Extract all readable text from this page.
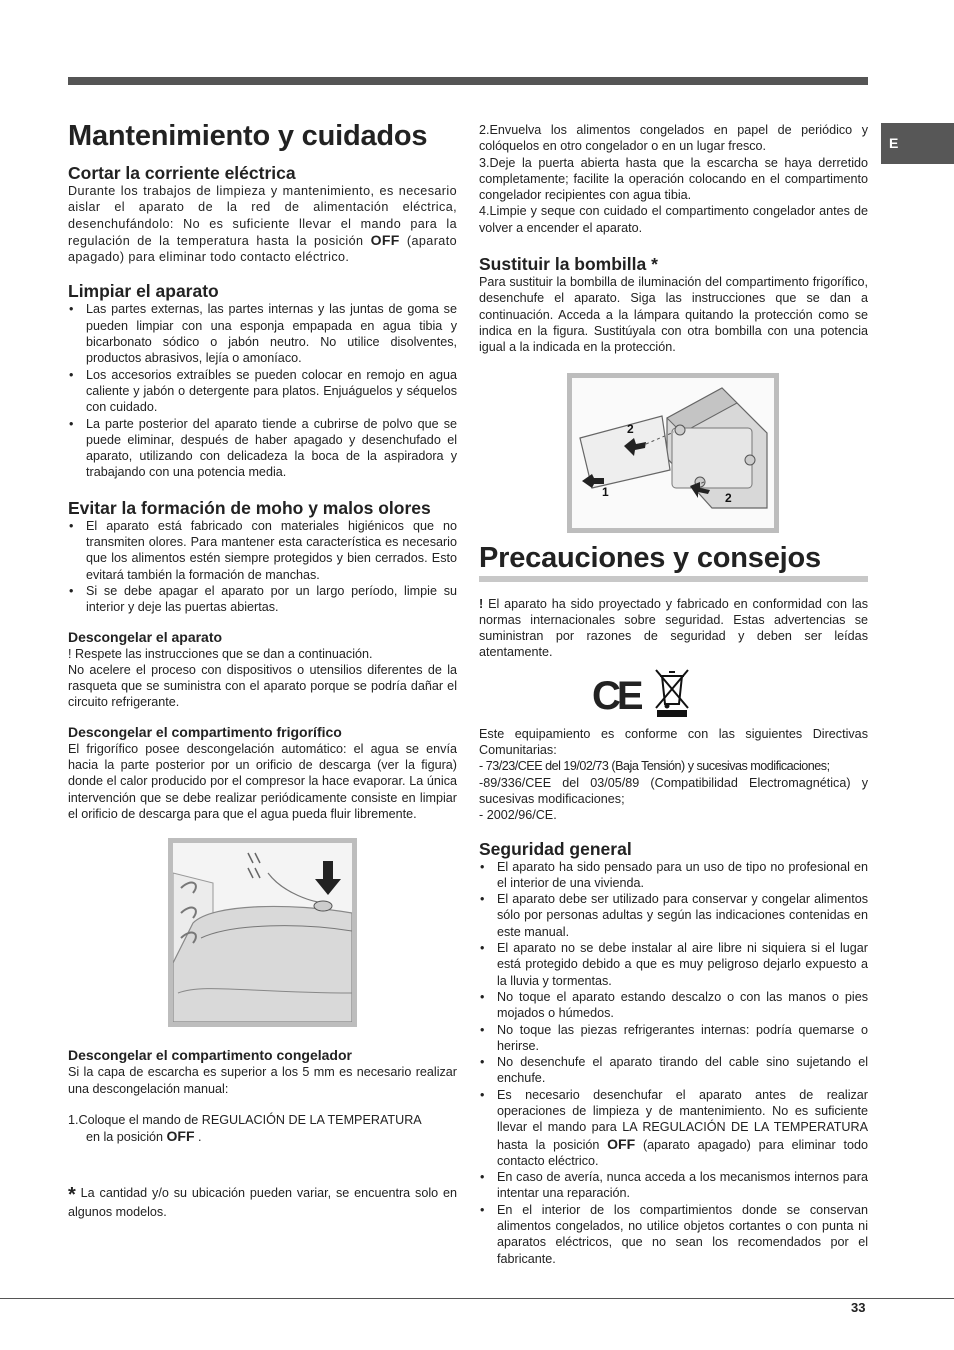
E
Mantenimiento y cuidados
Cortar la corriente eléctrica

Durante los trabajos de limpieza y mantenimiento, es necesario aislar el aparato de la red de alimentación eléctrica, desenchufándolo: No es suficiente llevar el mando para la regulación de la temperatura hasta la posición OFF (aparato apagado) para eliminar todo contacto eléctrico.

Limpiar el aparato
• Las partes externas, las partes internas y las juntas de goma se pueden limpiar con una esponja empapada en agua tibia y bicarbonato sódico o jabón neutro. No utilice disolventes, productos abrasivos, lejía o amoníaco.
• Los accesorios extraíbles se pueden colocar en remojo en agua caliente y jabón o detergente para platos. Enjuáguelos y séquelos con cuidado.
• La parte posterior del aparato tiende a cubrirse de polvo que se puede eliminar, después de haber apagado y desenchufado el aparato, utilizando con delicadeza la boca de la aspiradora y trabajando con una potencia media.
Evitar la formación de moho y malos olores
• El aparato está fabricado con materiales higiénicos que no transmiten olores. Para mantener esta característica es necesario que los alimentos estén siempre protegidos y bien cerrados. Esto evitará también la formación de manchas.
• Si se debe apagar el aparato por un largo período, limpie su interior y deje las puertas abiertas.
Descongelar el aparato

! Respete las instrucciones que se dan a continuación.

No acelere el proceso con dispositivos o utensilios diferentes de la rasqueta que se suministra con el aparato porque se podría dañar el circuito refrigerante.

Descongelar el compartimento frigorífico

El frigorífico posee descongelación automático: el agua se envía hacia la parte posterior por un orificio de descarga (ver la figura) donde el calor producido por el compresor la hace evaporar. La única intervención que se debe realizar periódicamente consiste en limpiar el orificio de descarga para que el agua pueda fluir libremente.

Descongelar el compartimento congelador

Si la capa de escarcha es superior a los 5 mm es necesario realizar una descongelación manual:

1.Coloque el mando de REGULACIÓN DE LA TEMPERATURA

en la posición OFF .

* La cantidad y/o su ubicación pueden variar, se encuentra solo en algunos modelos.

2.Envuelva los alimentos congelados en papel de periódico y colóquelos en otro congelador o en un lugar fresco.

3.Deje la puerta abierta hasta que la escarcha se haya derretido completamente; facilite la operación colocando en el compartimento congelador recipientes con agua tibia.

4.Limpie y seque con cuidado el compartimento congelador antes de volver a encender el aparato.

Sustituir la bombilla *

Para sustituir la bombilla de iluminación del compartimento frigorífico, desenchufe el aparato. Siga las instrucciones que se dan a continuación. Acceda a la lámpara quitando la protección como se indica en la figura. Sustitúyala con otra bombilla con una potencia igual a la indicada en la protección.

2
1	2
Precauciones y consejos

! El aparato ha sido proyectado y fabricado en conformidad con las normas internacionales sobre seguridad. Estas advertencias se suministran por razones de seguridad y deben ser leídas atentamente.

CE

Este equipamiento es conforme con las siguientes Directivas Comunitarias:

- 73/23/CEE del 19/02/73 (Baja Tensión) y sucesivas modificaciones;

-89/336/CEE del 03/05/89 (Compatibilidad Electromagnética) y sucesivas modificaciones;

- 2002/96/CE.

Seguridad general
• El aparato ha sido pensado para un uso de tipo no profesional en el interior de una vivienda.
• El aparato debe ser utilizado para conservar y congelar alimentos sólo por personas adultas y según las indicaciones contenidas en este manual.
• El aparato no se debe instalar al aire libre ni siquiera si el lugar está protegido debido a que es muy peligroso dejarlo expuesto a la lluvia y tormentas.
• No toque el aparato estando descalzo o con las manos o pies mojados o húmedos.
• No toque las piezas refrigerantes internas: podría quemarse o herirse.
• No desenchufe el aparato tirando del cable sino sujetando el enchufe.
• Es necesario desenchufar el aparato antes de realizar operaciones de limpieza y de mantenimiento. No es suficiente llevar el mando para LA REGULACIÓN DE LA TEMPERATURA hasta la posición OFF (aparato apagado) para eliminar todo contacto eléctrico.
• En caso de avería, nunca acceda a los mecanismos internos para intentar una reparación.
• En el interior de los compartimientos donde se conservan alimentos congelados, no utilice objetos cortantes o con punta ni aparatos eléctricos, que no sean los recomendados por el fabricante.
33
